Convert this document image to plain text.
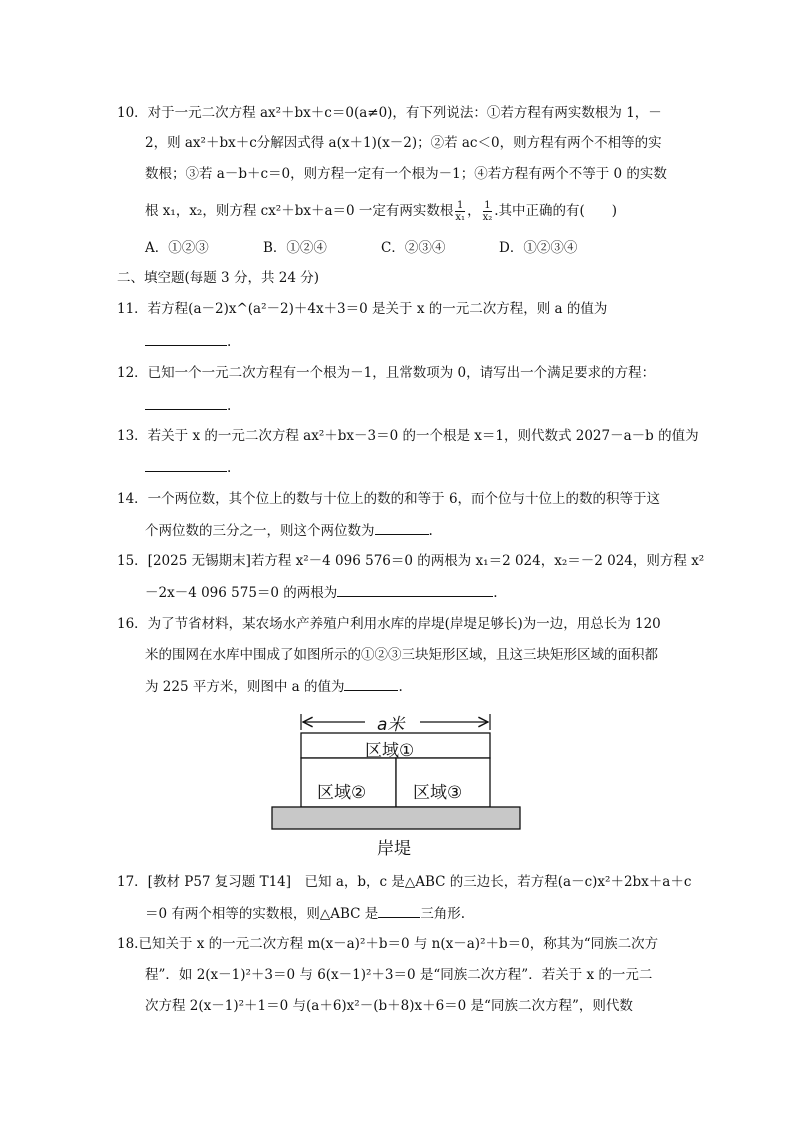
10．对于一元二次方程 ax²＋bx＋c＝0(a≠0)，有下列说法：①若方程有两实数根为 1，－
2，则 ax²＋bx＋c分解因式得 a(x＋1)(x－2)；②若 ac＜0，则方程有两个不相等的实
数根；③若 a－b＋c＝0，则方程一定有一个根为－1；④若方程有两个不等于 0 的实数
根 x₁，x₂，则方程 cx²＋bx＋a＝0 一定有两实数根 $\frac{1}{\text{x₁}}$ ， $\frac{1}{\text{x₂}}$ .其中正确的有(　　)
A．①②③	B．①②④	C．②③④	D．①②③④
二、填空题(每题 3 分，共 24 分)
11．若方程(a－2)x^(a²－2)＋4x＋3＝0 是关于 x 的一元二次方程，则 a 的值为
.
12．已知一个一元二次方程有一个根为－1，且常数项为 0，请写出一个满足要求的方程：
.
13．若关于 x 的一元二次方程 ax²＋bx－3＝0 的一个根是 x＝1，则代数式 2027－a－b 的值为
.
14．一个两位数，其个位上的数与十位上的数的和等于 6，而个位与十位上的数的积等于这
个两位数的三分之一，则这个两位数为	.
15．[2025 无锡期末]若方程 x²－4 096 576＝0 的两根为 x₁＝2 024，x₂＝－2 024，则方程 x²
－2x－4 096 575＝0 的两根为	.
16．为了节省材料，某农场水产养殖户利用水库的岸堤(岸堤足够长)为一边，用总长为 120
米的围网在水库中围成了如图所示的①②③三块矩形区域，且这三块矩形区域的面积都
为 225 平方米，则图中 a 的值为	.
a米
区域①
区域②	区域③
岸堤
17．[教材 P57 复习题 T14]　已知 a，b，c 是△ABC 的三边长，若方程(a－c)x²＋2bx＋a＋c
＝0 有两个相等的实数根，则△ABC 是	三角形.
18.已知关于 x 的一元二次方程 m(x－a)²＋b＝0 与 n(x－a)²＋b＝0，称其为“同族二次方
程”．如 2(x－1)²＋3＝0 与 6(x－1)²＋3＝0 是“同族二次方程”．若关于 x 的一元二
次方程 2(x－1)²＋1＝0 与(a＋6)x²－(b＋8)x＋6＝0 是“同族二次方程”，则代数
